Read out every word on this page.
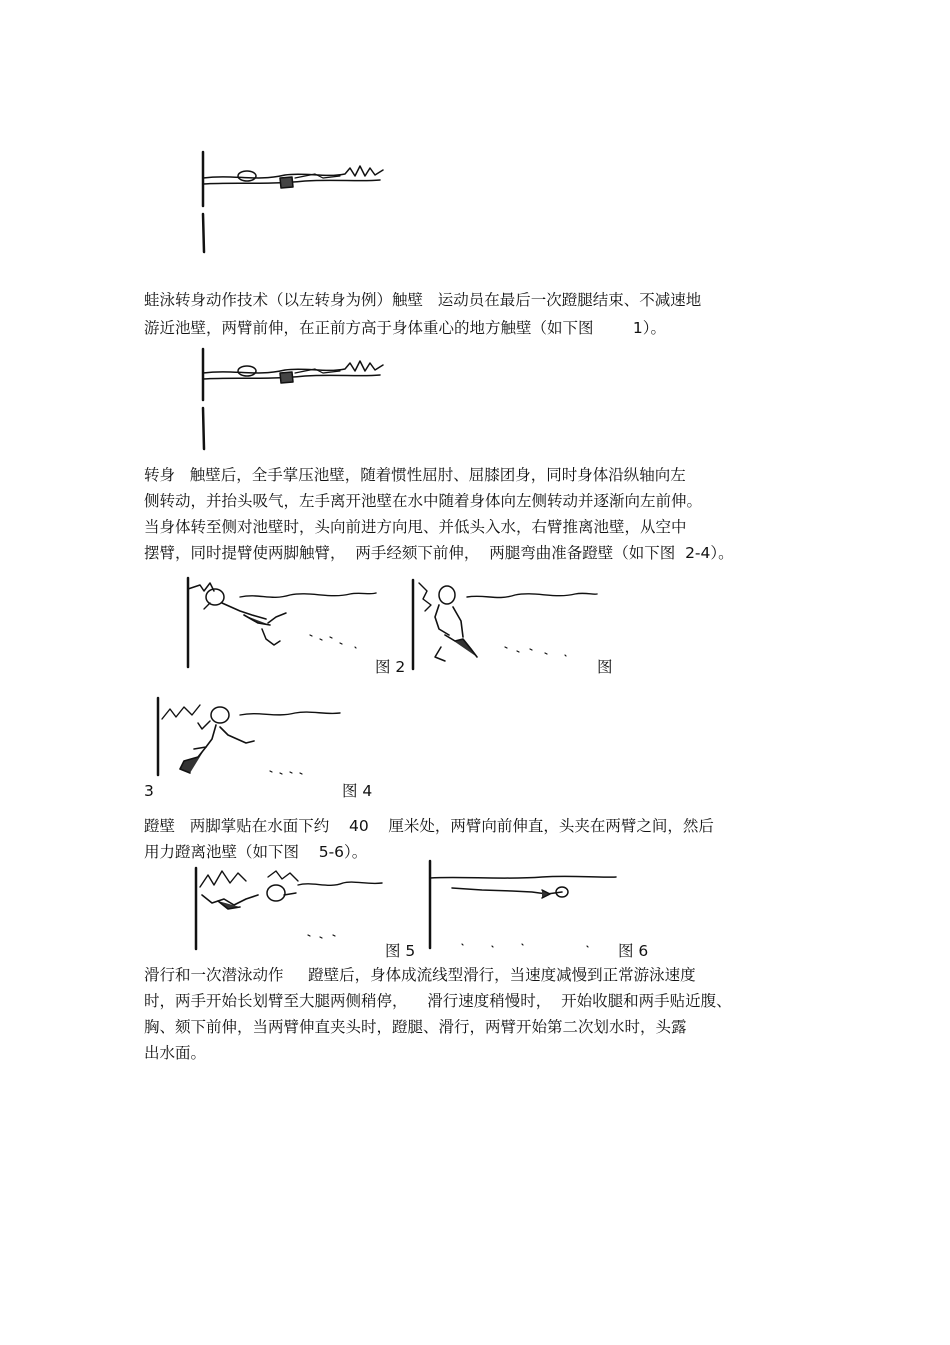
蛙泳转身动作技术（以左转身为例）触壁   运动员在最后一次蹬腿结束、不减速地
游近池壁，两臂前伸，在正前方高于身体重心的地方触壁（如下图        1）。
转身   触壁后，全手掌压池壁，随着惯性屈肘、屈膝团身，同时身体沿纵轴向左
侧转动，并抬头吸气，左手离开池壁在水中随着身体向左侧转动并逐渐向左前伸。
当身体转至侧对池壁时，头向前进方向甩、并低头入水，右臂推离池壁，从空中
摆臂，同时提臂使两脚触臂，  两手经颏下前伸，  两腿弯曲准备蹬壁（如下图  2-4）。
图 2	图
3	图 4
蹬壁   两脚掌贴在水面下约    40    厘米处，两臂向前伸直，头夹在两臂之间，然后
用力蹬离池壁（如下图    5-6）。
图 5	图 6
滑行和一次潜泳动作     蹬壁后，身体成流线型滑行，当速度减慢到正常游泳速度
时，两手开始长划臂至大腿两侧稍停，    滑行速度稍慢时，  开始收腿和两手贴近腹、
胸、颏下前伸，当两臂伸直夹头时，蹬腿、滑行，两臂开始第二次划水时，头露
出水面。
